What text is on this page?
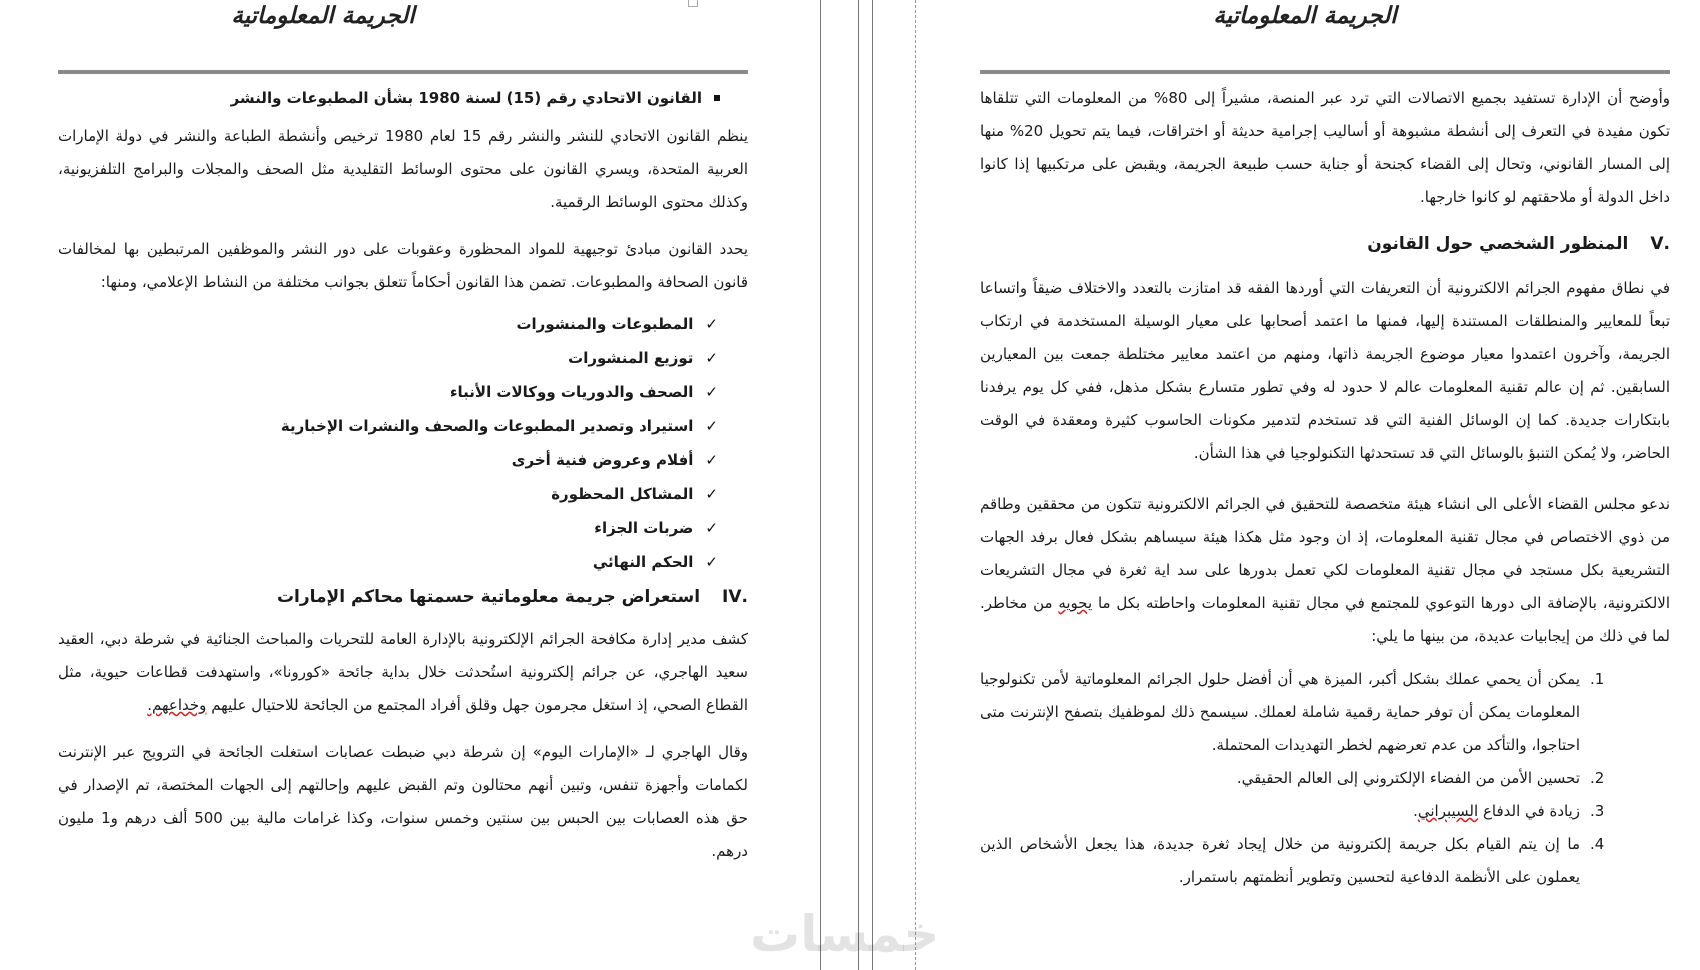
الجريمة المعلوماتية
القانون الاتحادي رقم (15) لسنة 1980 بشأن المطبوعات والنشر

ينظم القانون الاتحادي للنشر والنشر رقم 15 لعام 1980 ترخيص وأنشطة الطباعة والنشر في دولة الإمارات العربية المتحدة، ويسري القانون على محتوى الوسائط التقليدية مثل الصحف والمجلات والبرامج التلفزيونية، وكذلك محتوى الوسائط الرقمية.

يحدد القانون مبادئ توجيهية للمواد المحظورة وعقوبات على دور النشر والموظفين المرتبطين بها لمخالفات قانون الصحافة والمطبوعات. تضمن هذا القانون أحكاماً تتعلق بجوانب مختلفة من النشاط الإعلامي، ومنها:

✓
المطبوعات والمنشورات
✓
توزيع المنشورات
✓
الصحف والدوريات ووكالات الأنباء
✓
استيراد وتصدير المطبوعات والصحف والنشرات الإخبارية
✓
أفلام وعروض فنية أخرى
✓
المشاكل المحظورة
✓
ضربات الجزاء
✓
الحكم النهائي
.IV
استعراض جريمة معلوماتية حسمتها محاكم الإمارات

كشف مدير إدارة مكافحة الجرائم الإلكترونية بالإدارة العامة للتحريات والمباحث الجنائية في شرطة دبي، العقيد سعيد الهاجري، عن جرائم إلكترونية استُحدثت خلال بداية جائحة «كورونا»، واستهدفت قطاعات حيوية، مثل القطاع الصحي، إذ استغل مجرمون جهل وقلق أفراد المجتمع من الجائحة للاحتيال عليهم وخداعهم.

وقال الهاجري لـ «الإمارات اليوم» إن شرطة دبي ضبطت عصابات استغلت الجائحة في الترويج عبر الإنترنت لكمامات وأجهزة تنفس، وتبين أنهم محتالون وتم القبض عليهم وإحالتهم إلى الجهات المختصة، تم الإصدار في حق هذه العصابات بين الحبس بين سنتين وخمس سنوات، وكذا غرامات مالية بين 500 ألف درهم و1 مليون درهم.

الجريمة المعلوماتية

وأوضح أن الإدارة تستفيد بجميع الاتصالات التي ترد عبر المنصة، مشيراً إلى 80% من المعلومات التي تتلقاها تكون مفيدة في التعرف إلى أنشطة مشبوهة أو أساليب إجرامية حديثة أو اختراقات، فيما يتم تحويل 20% منها إلى المسار القانوني، وتحال إلى القضاء كجنحة أو جناية حسب طبيعة الجريمة، ويقبض على مرتكبيها إذا كانوا داخل الدولة أو ملاحقتهم لو كانوا خارجها.

.V
المنظور الشخصي حول القانون

في نطاق مفهوم الجرائم الالكترونية أن التعريفات التي أوردها الفقه قد امتازت بالتعدد والاختلاف ضيقاً واتساعا تبعاً للمعايير والمنطلقات المستندة إليها، فمنها ما اعتمد أصحابها على معيار الوسيلة المستخدمة في ارتكاب الجريمة، وآخرون اعتمدوا معيار موضوع الجريمة ذاتها، ومنهم من اعتمد معايير مختلطة جمعت بين المعيارين السابقين. ثم إن عالم تقنية المعلومات عالم لا حدود له وفي تطور متسارع بشكل مذهل، ففي كل يوم يرفدنا بابتكارات جديدة. كما إن الوسائل الفنية التي قد تستخدم لتدمير مكونات الحاسوب كثيرة ومعقدة في الوقت الحاضر، ولا يُمكن التنبؤ بالوسائل التي قد تستحدثها التكنولوجيا في هذا الشأن.

ندعو مجلس القضاء الأعلى الى انشاء هيئة متخصصة للتحقيق في الجرائم الالكترونية تتكون من محققين وطاقم من ذوي الاختصاص في مجال تقنية المعلومات، إذ ان وجود مثل هكذا هيئة سيساهم بشكل فعال برفد الجهات التشريعية بكل مستجد في مجال تقنية المعلومات لكي تعمل بدورها على سد اية ثغرة في مجال التشريعات الالكترونية، بالإضافة الى دورها التوعوي للمجتمع في مجال تقنية المعلومات واحاطته بكل ما يحويه من مخاطر. لما في ذلك من إيجابيات عديدة، من بينها ما يلي:

1.
يمكن أن يحمي عملك بشكل أكبر، الميزة هي أن أفضل حلول الجرائم المعلوماتية لأمن تكنولوجيا المعلومات يمكن أن توفر حماية رقمية شاملة لعملك. سيسمح ذلك لموظفيك بتصفح الإنترنت متى احتاجوا، والتأكد من عدم تعرضهم لخطر التهديدات المحتملة.
2.
تحسين الأمن من الفضاء الإلكتروني إلى العالم الحقيقي.
3.
زيادة في الدفاع السيبراني.
4.
ما إن يتم القيام بكل جريمة إلكترونية من خلال إيجاد ثغرة جديدة، هذا يجعل الأشخاص الذين يعملون على الأنظمة الدفاعية لتحسين وتطوير أنظمتهم باستمرار.
خمسات
